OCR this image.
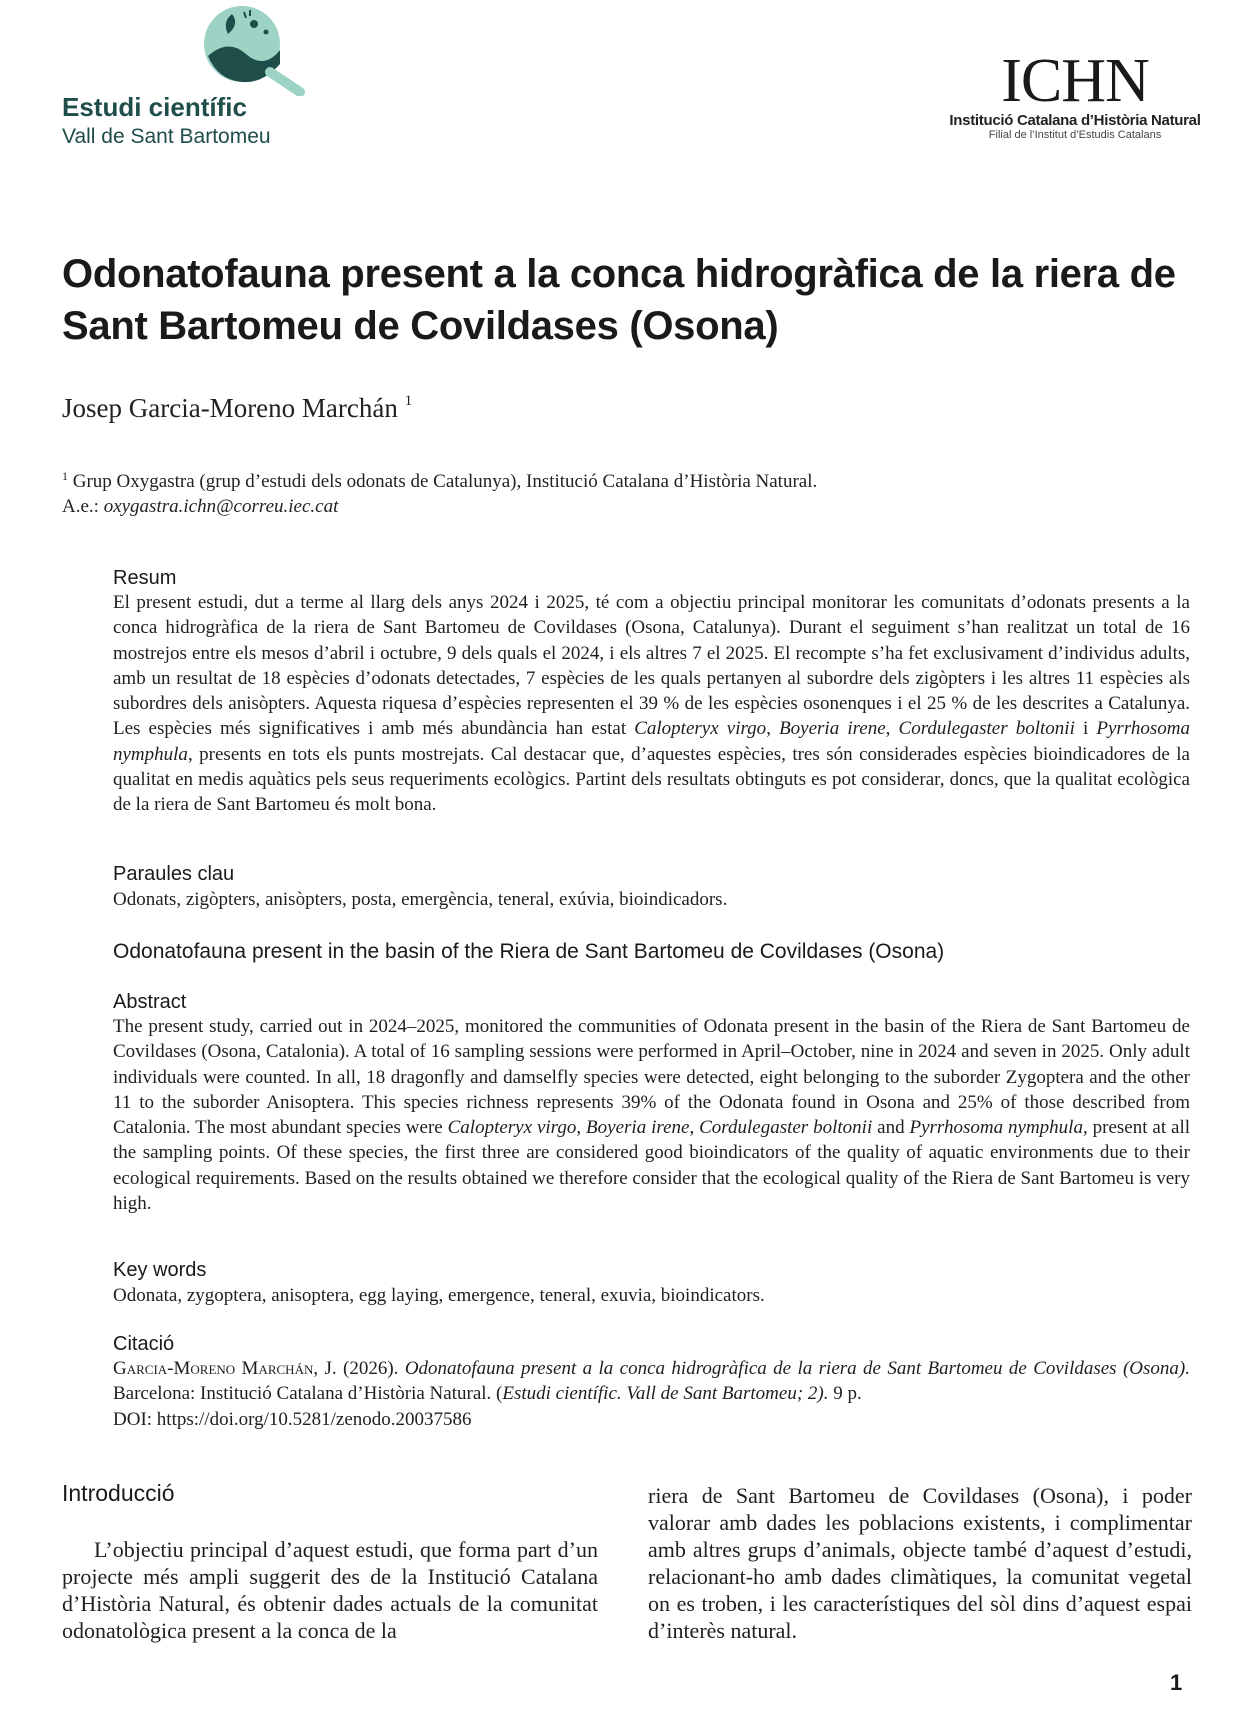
Estudi científic
Vall de Sant Bartomeu
ICHN
Institució Catalana d’Història Natural
Filial de l’Institut d’Estudis Catalans
Odonatofauna present a la conca hidrogràfica de la riera de Sant Bartomeu de Covildases (Osona)
Josep Garcia-Moreno Marchán $^1$
$^1$ Grup Oxygastra (grup d’estudi dels odonats de Catalunya), Institució Catalana d’Història Natural.
A.e.: oxygastra.ichn@correu.iec.cat
Resum

El present estudi, dut a terme al llarg dels anys 2024 i 2025, té com a objectiu principal monitorar les comunitats d’odonats presents a la conca hidrogràfica de la riera de Sant Bartomeu de Covildases (Osona, Catalunya). Durant el seguiment s’han realitzat un total de 16 mostrejos entre els mesos d’abril i octubre, 9 dels quals el 2024, i els altres 7 el 2025. El recompte s’ha fet exclusivament d’individus adults, amb un resultat de 18 espècies d’odonats detectades, 7 espècies de les quals pertanyen al subordre dels zigòpters i les altres 11 espècies als subordres dels anisòpters. Aquesta riquesa d’espècies representen el 39 % de les espècies osonenques i el 25 % de les descrites a Catalunya. Les espècies més significatives i amb més abundància han estat Calopteryx virgo, Boyeria irene, Cordulegaster boltonii i Pyrrhosoma nymphula, presents en tots els punts mostrejats. Cal destacar que, d’aquestes espècies, tres són considerades espècies bioindicadores de la qualitat en medis aquàtics pels seus requeriments ecològics. Partint dels resultats obtinguts es pot considerar, doncs, que la qualitat ecològica de la riera de Sant Bartomeu és molt bona.

Paraules clau

Odonats, zigòpters, anisòpters, posta, emergència, teneral, exúvia, bioindicadors.

Odonatofauna present in the basin of the Riera de Sant Bartomeu de Covildases (Osona)
Abstract

The present study, carried out in 2024–2025, monitored the communities of Odonata present in the basin of the Riera de Sant Bartomeu de Covildases (Osona, Catalonia). A total of 16 sampling sessions were performed in April–October, nine in 2024 and seven in 2025. Only adult individuals were counted. In all, 18 dragonfly and damselfly species were detected, eight belonging to the suborder Zygoptera and the other 11 to the suborder Anisoptera. This species richness represents 39% of the Odonata found in Osona and 25% of those described from Catalonia. The most abundant species were Calopteryx virgo, Boyeria irene, Cordulegaster boltonii and Pyrrhosoma nymphula, present at all the sampling points. Of these species, the first three are considered good bioindicators of the quality of aquatic environments due to their ecological requirements. Based on the results obtained we therefore consider that the ecological quality of the Riera de Sant Bartomeu is very high.

Key words

Odonata, zygoptera, anisoptera, egg laying, emergence, teneral, exuvia, bioindicators.

Citació
Garcia-Moreno Marchán, J. (2026). Odonatofauna present a la conca hidrogràfica de la riera de Sant Bartomeu de Covildases (Osona). Barcelona: Institució Catalana d’Història Natural. (Estudi científic. Vall de Sant Bartomeu; 2). 9 p.
DOI: https://doi.org/10.5281/zenodo.20037586
Introducció

L’objectiu principal d’aquest estudi, que forma part d’un projecte més ampli suggerit des de la Institució Catalana d’Història Natural, és obtenir dades actuals de la comunitat odonatològica present a la conca de la

riera de Sant Bartomeu de Covildases (Osona), i poder valorar amb dades les poblacions existents, i complimentar amb altres grups d’animals, objecte també d’aquest d’estudi, relacionant-ho amb dades climàtiques, la comunitat vegetal on es troben, i les característiques del sòl dins d’aquest espai d’interès natural.

1
